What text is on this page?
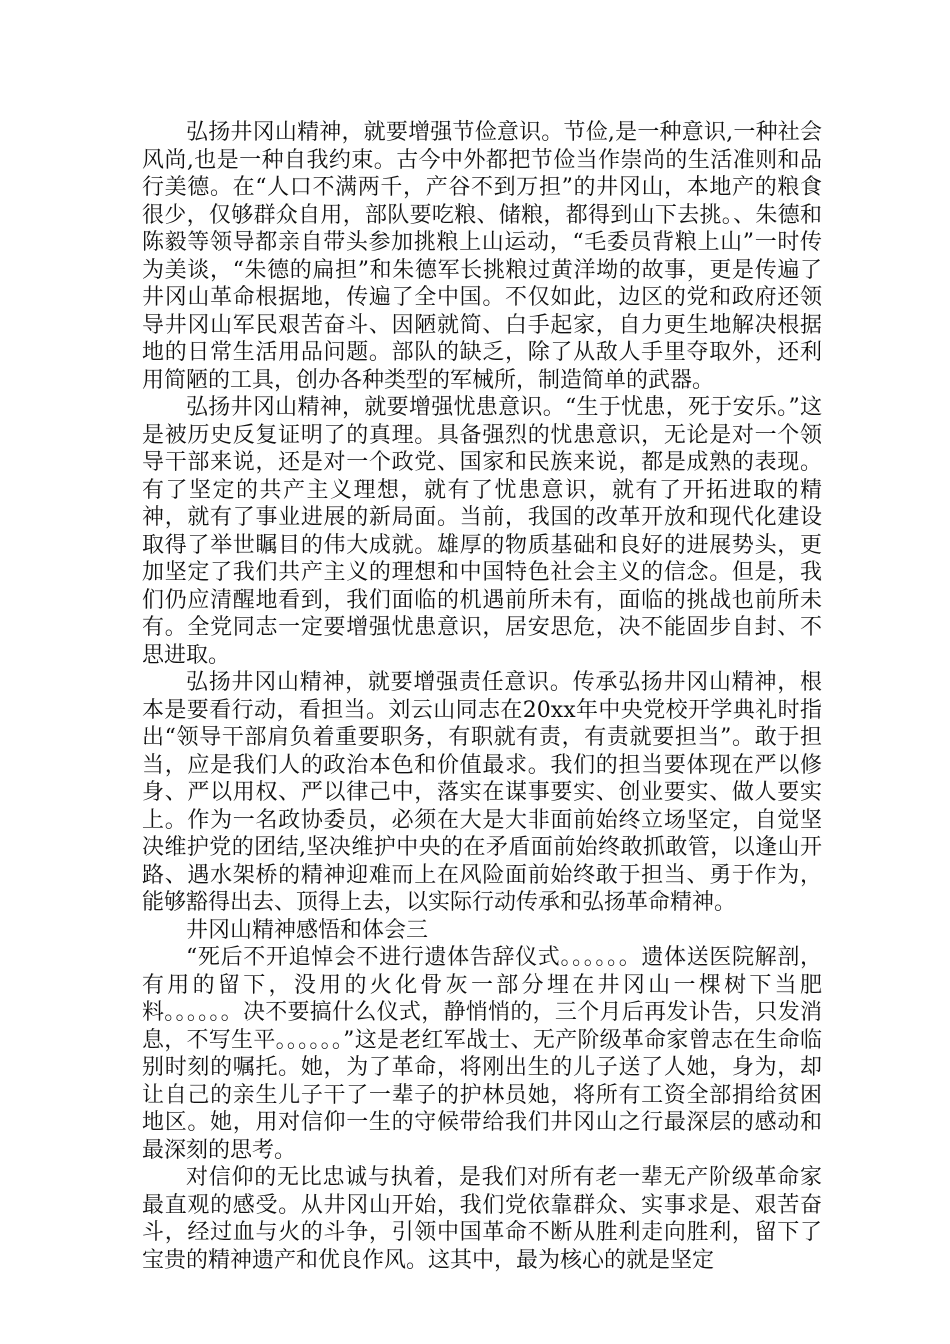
弘扬井冈山精神，就要增强节俭意识。节俭,是一种意识,一种社会风尚,也是一种自我约束。古今中外都把节俭当作崇尚的生活准则和品行美德。在“人口不满两千，产谷不到万担”的井冈山，本地产的粮食很少，仅够群众自用，部队要吃粮、储粮，都得到山下去挑。、朱德和陈毅等领导都亲自带头参加挑粮上山运动，“毛委员背粮上山”一时传为美谈，“朱德的扁担”和朱德军长挑粮过黄洋坳的故事，更是传遍了井冈山革命根据地，传遍了全中国。不仅如此，边区的党和政府还领导井冈山军民艰苦奋斗、因陋就简、白手起家，自力更生地解决根据地的日常生活用品问题。部队的缺乏，除了从敌人手里夺取外，还利用简陋的工具，创办各种类型的军械所，制造简单的武器。

弘扬井冈山精神，就要增强忧患意识。“生于忧患，死于安乐。”这是被历史反复证明了的真理。具备强烈的忧患意识，无论是对一个领导干部来说，还是对一个政党、国家和民族来说，都是成熟的表现。有了坚定的共产主义理想，就有了忧患意识，就有了开拓进取的精神，就有了事业进展的新局面。当前，我国的改革开放和现代化建设取得了举世瞩目的伟大成就。雄厚的物质基础和良好的进展势头，更加坚定了我们共产主义的理想和中国特色社会主义的信念。但是，我们仍应清醒地看到，我们面临的机遇前所未有，面临的挑战也前所未有。全党同志一定要增强忧患意识，居安思危，决不能固步自封、不思进取。

弘扬井冈山精神，就要增强责任意识。传承弘扬井冈山精神，根本是要看行动，看担当。刘云山同志在20xx年中央党校开学典礼时指出“领导干部肩负着重要职务，有职就有责，有责就要担当”。敢于担当，应是我们人的政治本色和价值最求。我们的担当要体现在严以修身、严以用权、严以律己中，落实在谋事要实、创业要实、做人要实上。作为一名政协委员，必须在大是大非面前始终立场坚定，自觉坚决维护党的团结,坚决维护中央的在矛盾面前始终敢抓敢管，以逢山开路、遇水架桥的精神迎难而上在风险面前始终敢于担当、勇于作为，能够豁得出去、顶得上去，以实际行动传承和弘扬革命精神。

井冈山精神感悟和体会三

“死后不开追悼会不进行遗体告辞仪式。。。。。。遗体送医院解剖，有用的留下，没用的火化骨灰一部分埋在井冈山一棵树下当肥料。。。。。。决不要搞什么仪式，静悄悄的，三个月后再发讣告，只发消息，不写生平。。。。。。”这是老红军战士、无产阶级革命家曾志在生命临别时刻的嘱托。她，为了革命，将刚出生的儿子送了人她，身为，却让自己的亲生儿子干了一辈子的护林员她，将所有工资全部捐给贫困地区。她，用对信仰一生的守候带给我们井冈山之行最深层的感动和最深刻的思考。

对信仰的无比忠诚与执着，是我们对所有老一辈无产阶级革命家最直观的感受。从井冈山开始，我们党依靠群众、实事求是、艰苦奋斗，经过血与火的斗争，引领中国革命不断从胜利走向胜利，留下了宝贵的精神遗产和优良作风。这其中，最为核心的就是坚定
